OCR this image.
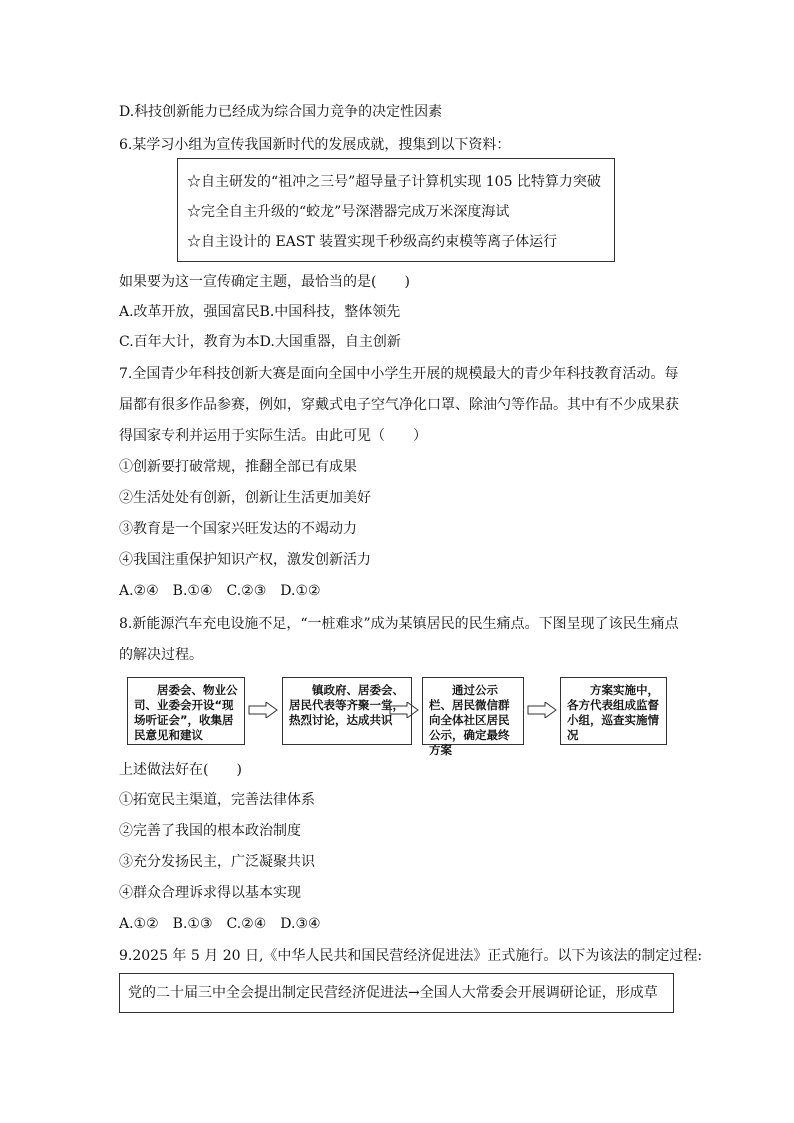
D.科技创新能力已经成为综合国力竞争的决定性因素
6.某学习小组为宣传我国新时代的发展成就，搜集到以下资料：
☆自主研发的“祖冲之三号”超导量子计算机实现 105 比特算力突破
☆完全自主升级的“蛟龙”号深潜器完成万米深度海试
☆自主设计的 EAST 装置实现千秒级高约束模等离子体运行
如果要为这一宣传确定主题，最恰当的是(　　)
A.改革开放，强国富民B.中国科技，整体领先
C.百年大计，教育为本D.大国重器，自主创新
7.全国青少年科技创新大赛是面向全国中小学生开展的规模最大的青少年科技教育活动。每
届都有很多作品参赛，例如，穿戴式电子空气净化口罩、除油勺等作品。其中有不少成果获
得国家专利并运用于实际生活。由此可见（　　）
①创新要打破常规，推翻全部已有成果
②生活处处有创新，创新让生活更加美好
③教育是一个国家兴旺发达的不竭动力
④我国注重保护知识产权，激发创新活力
A.②④　B.①④　C.②③　D.①②
8.新能源汽车充电设施不足，“一桩难求”成为某镇居民的民生痛点。下图呈现了该民生痛点
的解决过程。
居委会、物业公司、业委会开设“现场听证会”，收集居民意见和建议
镇政府、居委会、居民代表等齐聚一堂，热烈讨论，达成共识
通过公示栏、居民微信群向全体社区居民公示，确定最终方案
方案实施中，各方代表组成监督小组，巡查实施情况
上述做法好在(　　)
①拓宽民主渠道，完善法律体系
②完善了我国的根本政治制度
③充分发扬民主，广泛凝聚共识
④群众合理诉求得以基本实现
A.①②　B.①③　C.②④　D.③④
9.2025 年 5 月 20 日,《中华人民共和国民营经济促进法》正式施行。以下为该法的制定过程:
党的二十届三中全会提出制定民营经济促进法→全国人大常委会开展调研论证，形成草
